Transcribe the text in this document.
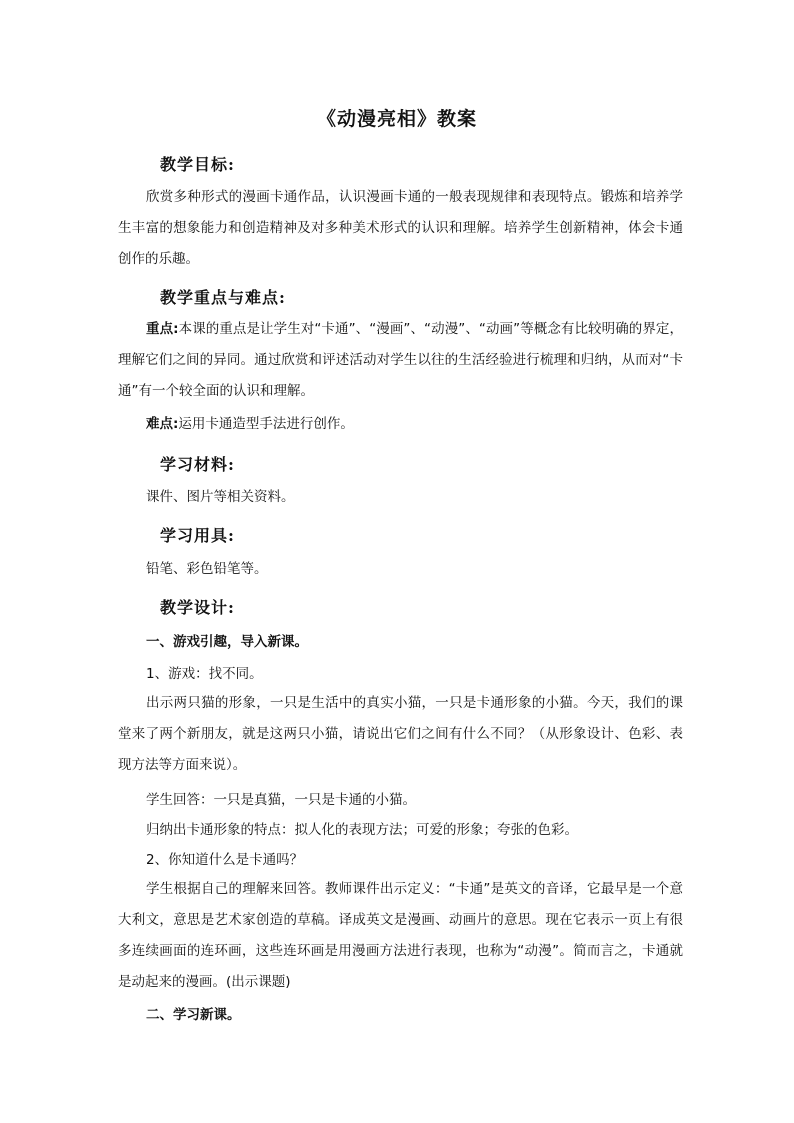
《动漫亮相》教案
教学目标:
欣赏多种形式的漫画卡通作品，认识漫画卡通的一般表现规律和表现特点。锻炼和培养学生丰富的想象能力和创造精神及对多种美术形式的认识和理解。培养学生创新精神，体会卡通创作的乐趣。
教学重点与难点:
重点:本课的重点是让学生对“卡通”、“漫画”、“动漫”、“动画”等概念有比较明确的界定，理解它们之间的异同。通过欣赏和评述活动对学生以往的生活经验进行梳理和归纳，从而对“卡通”有一个较全面的认识和理解。
难点:运用卡通造型手法进行创作。
学习材料:
课件、图片等相关资料。
学习用具:
铅笔、彩色铅笔等。
教学设计:
一、游戏引趣，导入新课。
1、游戏：找不同。
出示两只猫的形象，一只是生活中的真实小猫，一只是卡通形象的小猫。今天，我们的课堂来了两个新朋友，就是这两只小猫，请说出它们之间有什么不同？（从形象设计、色彩、表现方法等方面来说）。
学生回答：一只是真猫，一只是卡通的小猫。
归纳出卡通形象的特点：拟人化的表现方法；可爱的形象；夸张的色彩。
2、你知道什么是卡通吗？
学生根据自己的理解来回答。教师课件出示定义：“卡通”是英文的音译，它最早是一个意大利文，意思是艺术家创造的草稿。译成英文是漫画、动画片的意思。现在它表示一页上有很多连续画面的连环画，这些连环画是用漫画方法进行表现，也称为“动漫”。简而言之，卡通就是动起来的漫画。(出示课题)
二、学习新课。
